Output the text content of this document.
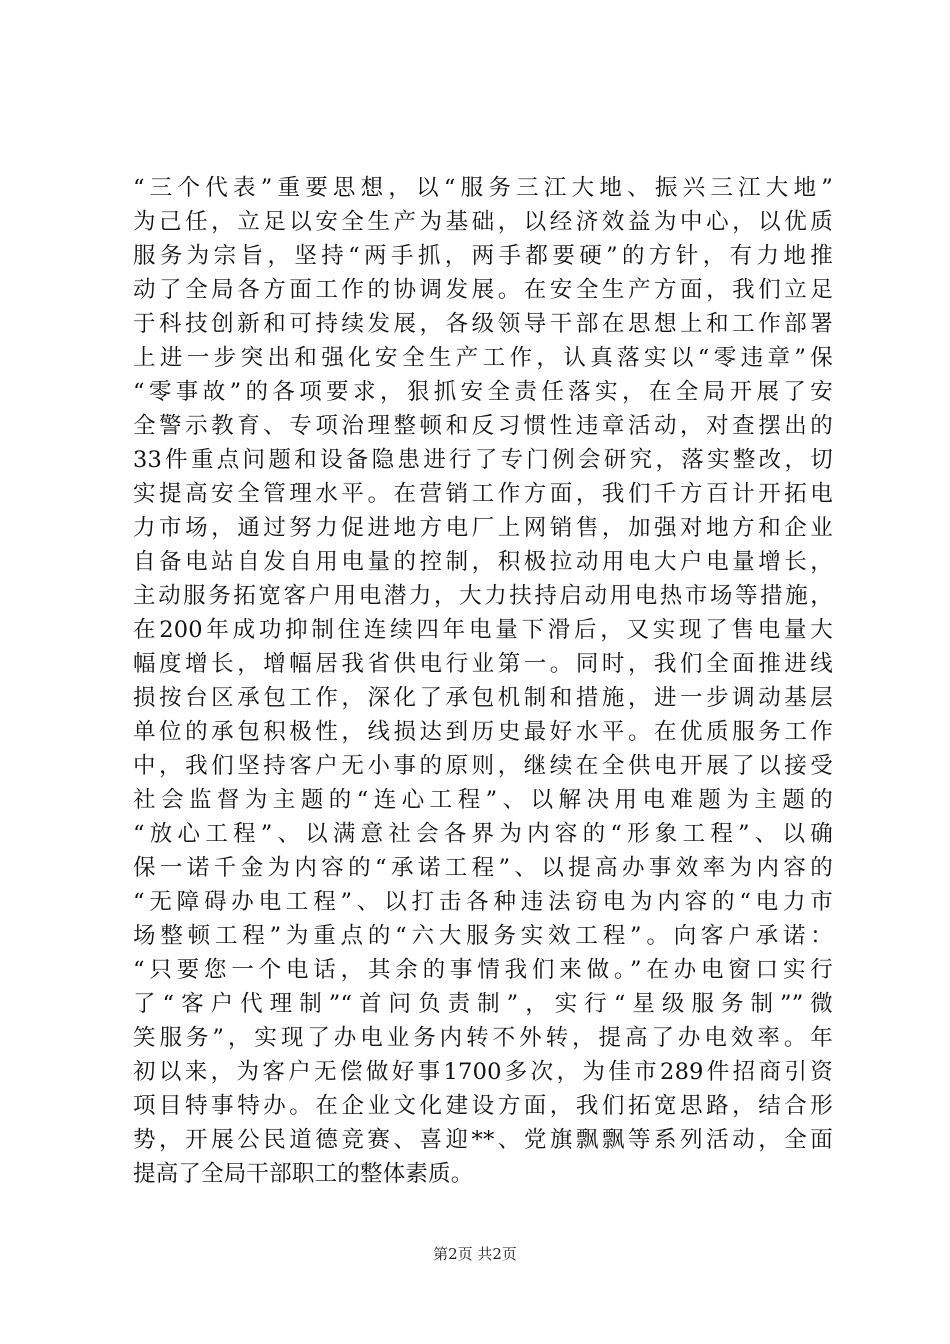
“三个代表”重要思想，以“服务三江大地、振兴三江大地”
为己任，立足以安全生产为基础，以经济效益为中心，以优质
服务为宗旨，坚持“两手抓，两手都要硬”的方针，有力地推
动了全局各方面工作的协调发展。在安全生产方面，我们立足
于科技创新和可持续发展，各级领导干部在思想上和工作部署
上进一步突出和强化安全生产工作，认真落实以“零违章”保
“零事故”的各项要求，狠抓安全责任落实，在全局开展了安
全警示教育、专项治理整顿和反习惯性违章活动，对查摆出的
33件重点问题和设备隐患进行了专门例会研究，落实整改，切
实提高安全管理水平。在营销工作方面，我们千方百计开拓电
力市场，通过努力促进地方电厂上网销售，加强对地方和企业
自备电站自发自用电量的控制，积极拉动用电大户电量增长，
主动服务拓宽客户用电潜力，大力扶持启动用电热市场等措施，
在200年成功抑制住连续四年电量下滑后，又实现了售电量大
幅度增长，增幅居我省供电行业第一。同时，我们全面推进线
损按台区承包工作，深化了承包机制和措施，进一步调动基层
单位的承包积极性，线损达到历史最好水平。在优质服务工作
中，我们坚持客户无小事的原则，继续在全供电开展了以接受
社会监督为主题的“连心工程”、以解决用电难题为主题的
“放心工程”、以满意社会各界为内容的“形象工程”、以确
保一诺千金为内容的“承诺工程”、以提高办事效率为内容的
“无障碍办电工程”、以打击各种违法窃电为内容的“电力市
场整顿工程”为重点的“六大服务实效工程”。向客户承诺：
“只要您一个电话，其余的事情我们来做。”在办电窗口实行
了“客户代理制”“首问负责制”，实行“星级服务制””微
笑服务”，实现了办电业务内转不外转，提高了办电效率。年
初以来，为客户无偿做好事1700多次，为佳市289件招商引资
项目特事特办。在企业文化建设方面，我们拓宽思路，结合形
势，开展公民道德竞赛、喜迎**、党旗飘飘等系列活动，全面
提高了全局干部职工的整体素质。
第2页 共2页
